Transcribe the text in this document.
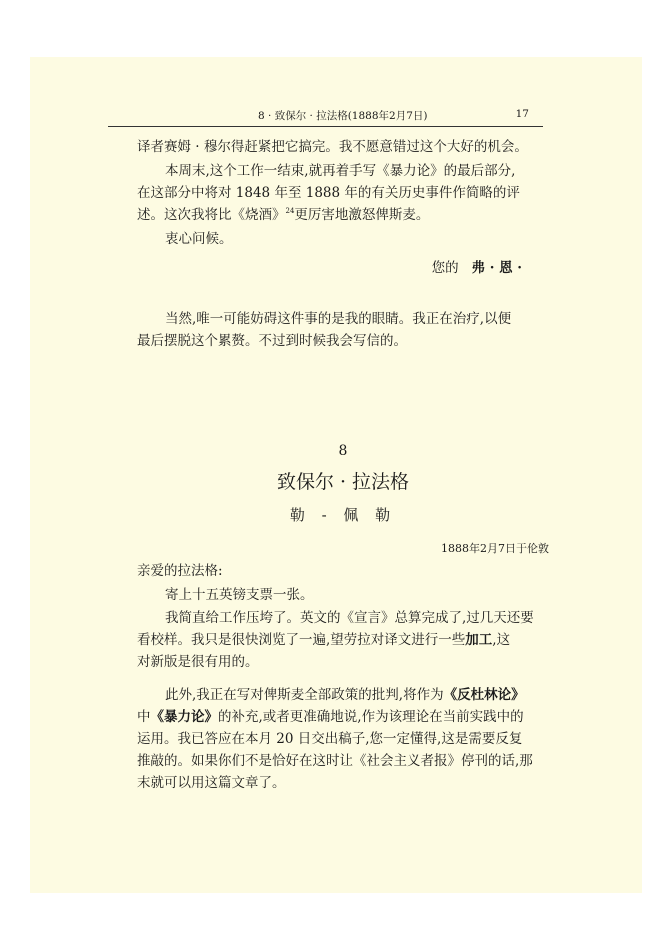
8 · 致保尔 · 拉法格(1888年2月7日)	17
译者赛姆 · 穆尔得赶紧把它搞完。我不愿意错过这个大好的机会。
本周末,这个工作一结束,就再着手写《暴力论》的最后部分,
在这部分中将对 1848 年至 1888 年的有关历史事件作简略的评
述。这次我将比《烧酒》$^{24}$更厉害地激怒俾斯麦。
衷心问候。
您的 弗 · 恩 ·
当然,唯一可能妨碍这件事的是我的眼睛。我正在治疗,以便
最后摆脱这个累赘。不过到时候我会写信的。
8
致保尔 · 拉法格
勒 - 佩 勒
1888年2月7日于伦敦
亲爱的拉法格:
寄上十五英镑支票一张。
我简直给工作压垮了。英文的《宣言》总算完成了,过几天还要
看校样。我只是很快浏览了一遍,望劳拉对译文进行一些加工,这
对新版是很有用的。
此外,我正在写对俾斯麦全部政策的批判,将作为《反杜林论》
中《暴力论》的补充,或者更准确地说,作为该理论在当前实践中的
运用。我已答应在本月 20 日交出稿子,您一定懂得,这是需要反复
推敲的。如果你们不是恰好在这时让《社会主义者报》停刊的话,那
末就可以用这篇文章了。
